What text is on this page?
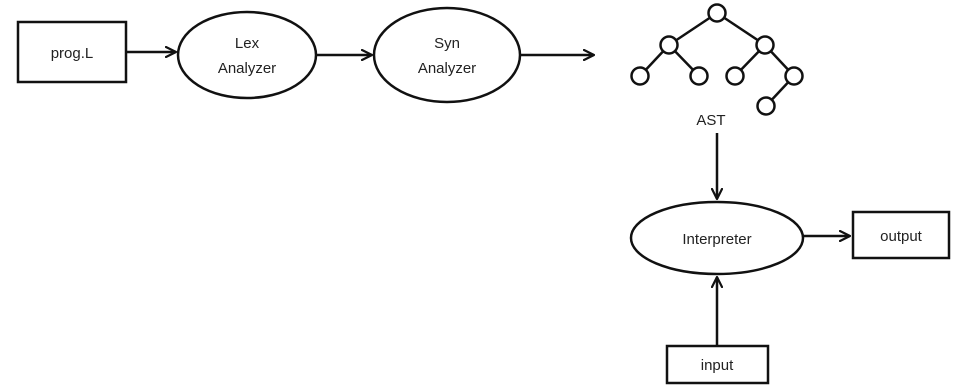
prog.L
Lex
Analyzer
Syn
Analyzer
AST
Interpreter	output
input
